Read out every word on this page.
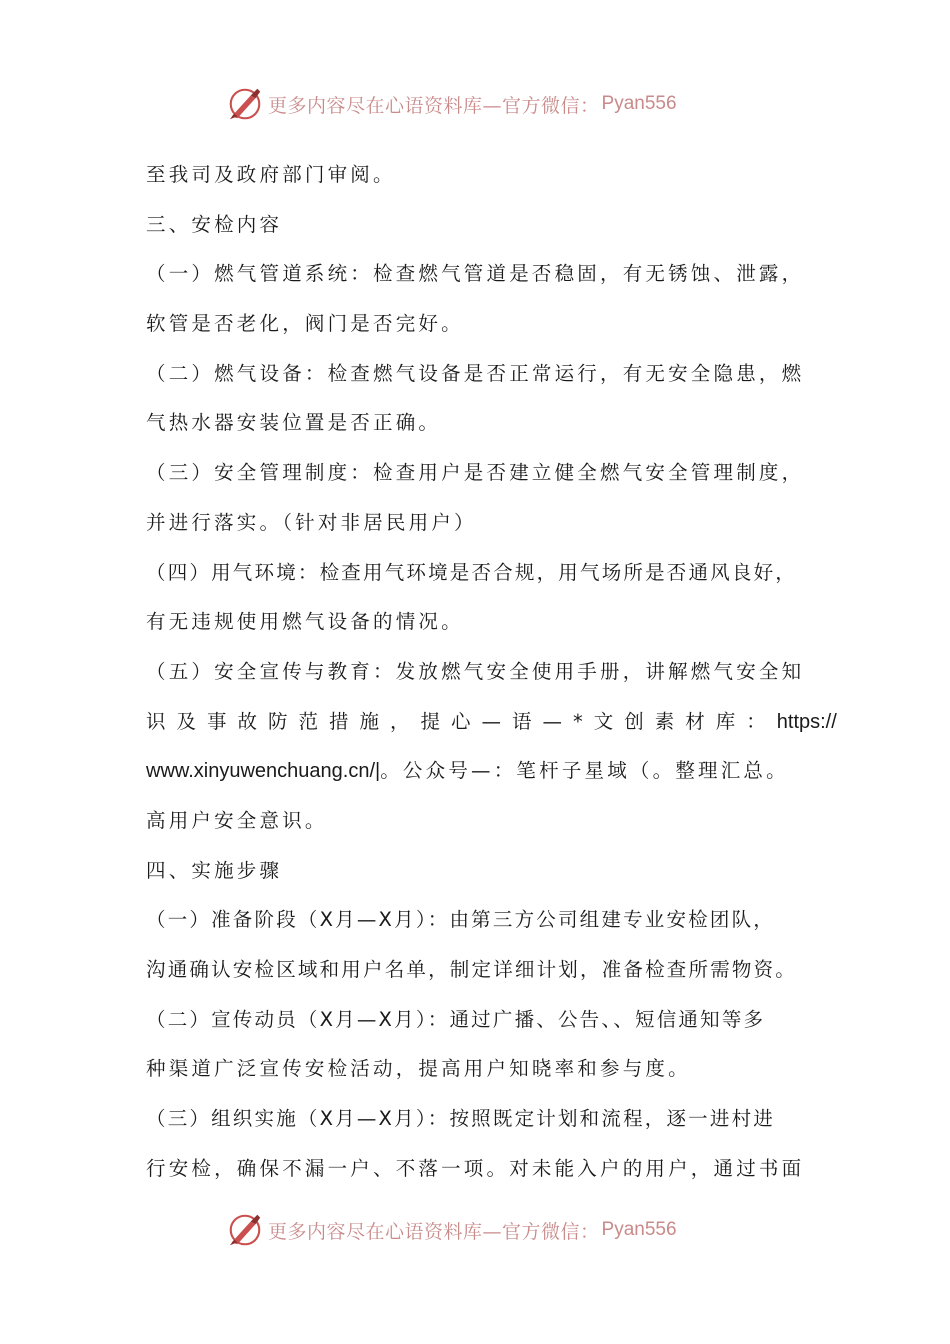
更多内容尽在心语资料库—官方微信： Pyan556
至我司及政府部门审阅。
三、安检内容
（一）燃气管道系统：检查燃气管道是否稳固，有无锈蚀、泄露，
软管是否老化，阀门是否完好。
（二）燃气设备：检查燃气设备是否正常运行，有无安全隐患，燃
气热水器安装位置是否正确。
（三）安全管理制度：检查用户是否建立健全燃气安全管理制度，
并进行落实。（针对非居民用户）
（四）用气环境：检查用气环境是否合规，用气场所是否通风良好，
有无违规使用燃气设备的情况。
（五）安全宣传与教育：发放燃气安全使用手册，讲解燃气安全知
识及事故防范措施，提心—语—*文创素材库：https://
www.xinyuwenchuang.cn/|。公众号—：笔杆子星域（。整理汇总。
高用户安全意识。
四、实施步骤
（一）准备阶段（X月—X月）：由第三方公司组建专业安检团队，
沟通确认安检区域和用户名单，制定详细计划，准备检查所需物资。
（二）宣传动员（X月—X月）：通过广播、公告、、短信通知等多
种渠道广泛宣传安检活动，提高用户知晓率和参与度。
（三）组织实施（X月—X月）：按照既定计划和流程，逐一进村进
行安检，确保不漏一户、不落一项。对未能入户的用户，通过书面
更多内容尽在心语资料库—官方微信： Pyan556
